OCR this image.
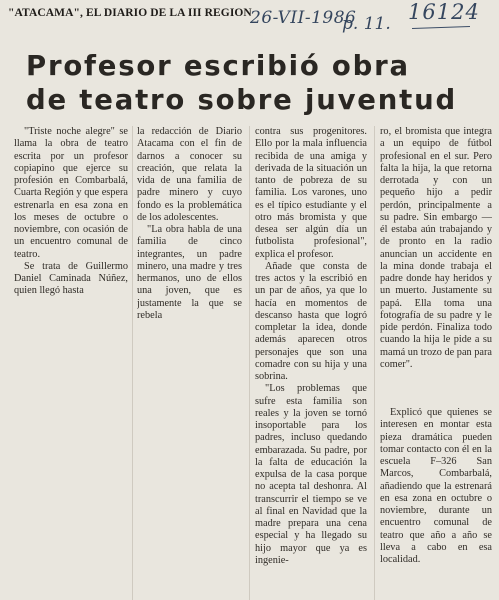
"ATACAMA", EL DIARIO DE LA III REGION
26-VII-1986
p. 11. 16124
Profesor escribió obra
de teatro sobre juventud

"Triste noche alegre" se llama la obra de teatro escrita por un profesor copiapino que ejerce su profesión en Combarbalá, Cuarta Región y que espera estrenarla en esa zona en los meses de octubre o noviembre, con ocasión de un encuentro comunal de teatro.

Se trata de Guillermo Daniel Caminada Núñez, quien llegó hasta

la redacción de Diario Atacama con el fin de darnos a conocer su creación, que relata la vida de una familia de padre minero y cuyo fondo es la problemática de los adolescentes.

"La obra habla de una familia de cinco integrantes, un padre minero, una madre y tres hermanos, uno de ellos una joven, que es justamente la que se rebela

contra sus progenitores. Ello por la mala influencia recibida de una amiga y derivada de la situación un tanto de pobreza de su familia. Los varones, uno es el típico estudiante y el otro más bromista y que desea ser algún día un futbolista profesional", explica el profesor.

Añade que consta de tres actos y la escribió en un par de años, ya que lo hacía en momentos de descanso hasta que logró completar la idea, donde además aparecen otros personajes que son una comadre con su hija y una sobrina.

"Los problemas que sufre esta familia son reales y la joven se tornó insoportable para los padres, incluso quedando embarazada. Su padre, por la falta de educación la expulsa de la casa porque no acepta tal deshonra. Al transcurrir el tiempo se ve al final en Navidad que la madre prepara una cena especial y ha llegado su hijo mayor que ya es ingenie-

ro, el bromista que integra a un equipo de fútbol profesional en el sur. Pero falta la hija, la que retorna derrotada y con un pequeño hijo a pedir perdón, principalmente a su padre. Sin embargo —él estaba aún trabajando y de pronto en la radio anuncian un accidente en la mina donde trabaja el padre donde hay heridos y un muerto. Justamente su papá. Ella toma una fotografía de su padre y le pide perdón. Finaliza todo cuando la hija le pide a su mamá un trozo de pan para comer".

Explicó que quienes se interesen en montar esta pieza dramática pueden tomar contacto con él en la escuela F–326 San Marcos, Combarbalá, añadiendo que la estrenará en esa zona en octubre o noviembre, durante un encuentro comunal de teatro que año a año se lleva a cabo en esa localidad.
